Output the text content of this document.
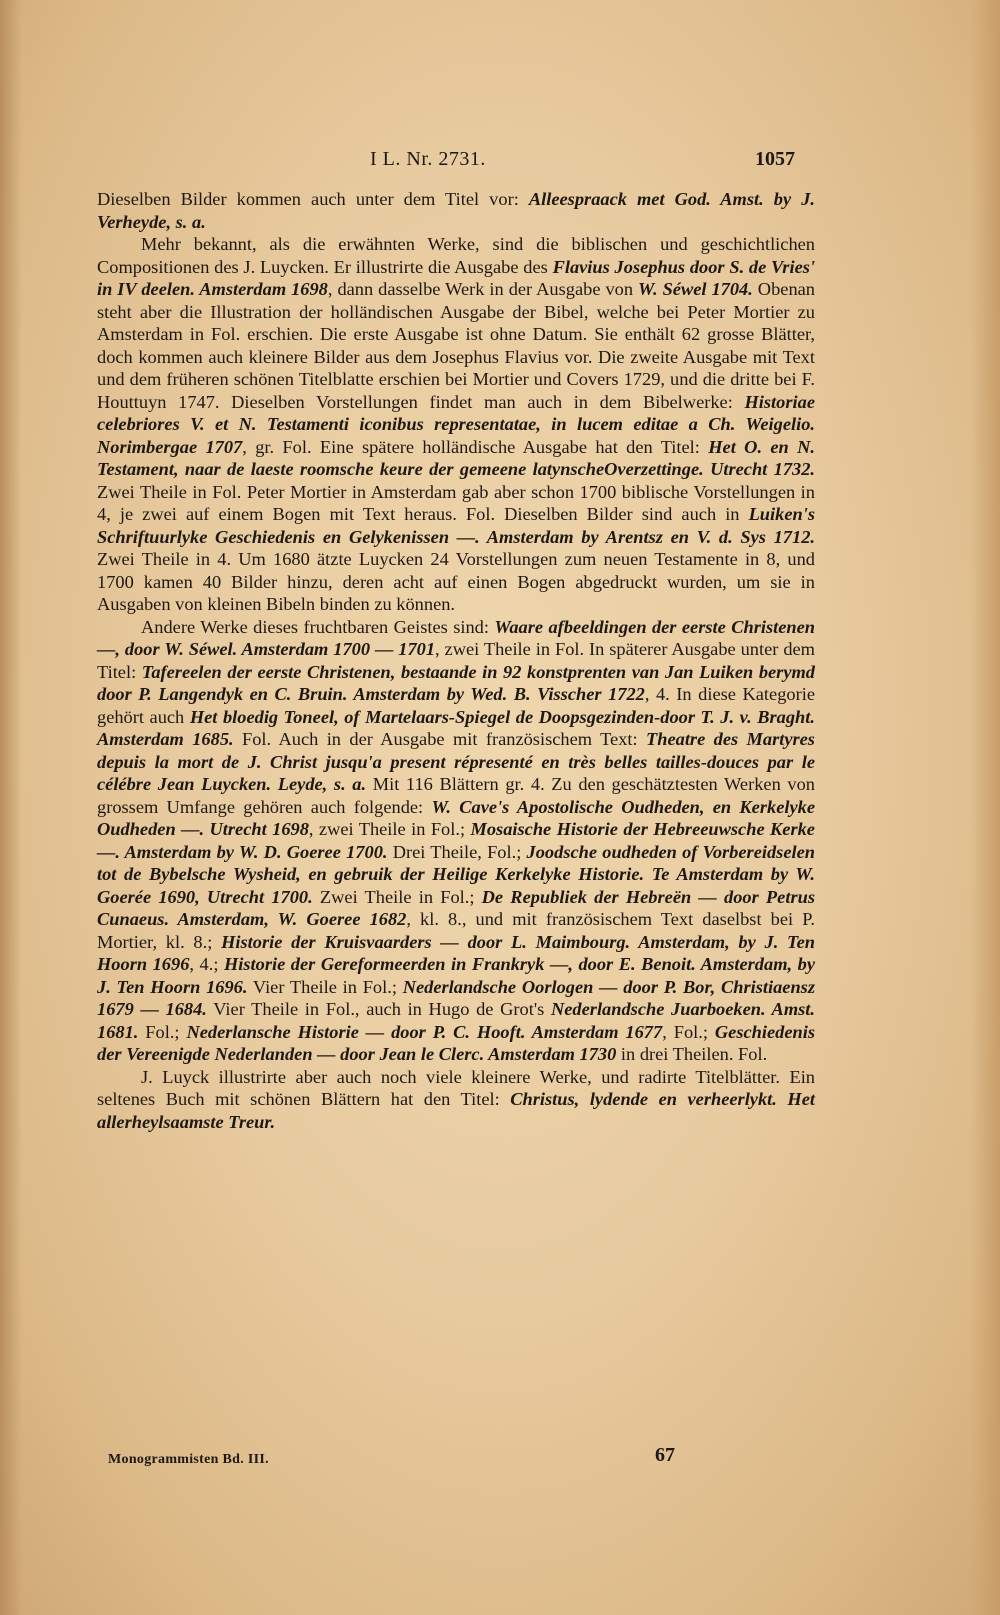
I L. Nr. 2731.	1057

Dieselben Bilder kommen auch unter dem Titel vor: Alleespraack met God. Amst. by J. Verheyde, s. a.

Mehr bekannt, als die erwähnten Werke, sind die biblischen und geschichtlichen Compositionen des J. Luycken. Er illustrirte die Ausgabe des Flavius Josephus door S. de Vries' in IV deelen. Amsterdam 1698, dann dasselbe Werk in der Ausgabe von W. Séwel 1704. Obenan steht aber die Illustration der holländischen Ausgabe der Bibel, welche bei Peter Mortier zu Amsterdam in Fol. erschien. Die erste Ausgabe ist ohne Datum. Sie enthält 62 grosse Blätter, doch kommen auch kleinere Bilder aus dem Josephus Flavius vor. Die zweite Ausgabe mit Text und dem früheren schönen Titelblatte erschien bei Mortier und Covers 1729, und die dritte bei F. Houttuyn 1747. Dieselben Vorstellungen findet man auch in dem Bibelwerke: Historiae celebriores V. et N. Testamenti iconibus representatae, in lucem editae a Ch. Weigelio. Norimbergae 1707, gr. Fol. Eine spätere holländische Ausgabe hat den Titel: Het O. en N. Testament, naar de laeste roomsche keure der gemeene latynscheOverzettinge. Utrecht 1732. Zwei Theile in Fol. Peter Mortier in Amsterdam gab aber schon 1700 biblische Vorstellungen in 4, je zwei auf einem Bogen mit Text heraus. Fol. Dieselben Bilder sind auch in Luiken's Schriftuurlyke Geschiedenis en Gelykenissen —. Amsterdam by Arentsz en V. d. Sys 1712. Zwei Theile in 4. Um 1680 ätzte Luycken 24 Vorstellungen zum neuen Testamente in 8, und 1700 kamen 40 Bilder hinzu, deren acht auf einen Bogen abgedruckt wurden, um sie in Ausgaben von kleinen Bibeln binden zu können.

Andere Werke dieses fruchtbaren Geistes sind: Waare afbeeldingen der eerste Christenen —, door W. Séwel. Amsterdam 1700 — 1701, zwei Theile in Fol. In späterer Ausgabe unter dem Titel: Tafereelen der eerste Christenen, bestaande in 92 konstprenten van Jan Luiken berymd door P. Langendyk en C. Bruin. Amsterdam by Wed. B. Visscher 1722, 4. In diese Kategorie gehört auch Het bloedig Toneel, of Martelaars-Spiegel de Doopsgezinden-door T. J. v. Braght. Amsterdam 1685. Fol. Auch in der Ausgabe mit französischem Text: Theatre des Martyres depuis la mort de J. Christ jusqu'a present répresenté en très belles tailles-douces par le célébre Jean Luycken. Leyde, s. a. Mit 116 Blättern gr. 4. Zu den geschätztesten Werken von grossem Umfange gehören auch folgende: W. Cave's Apostolische Oudheden, en Kerkelyke Oudheden —. Utrecht 1698, zwei Theile in Fol.; Mosaische Historie der Hebreeuwsche Kerke —. Amsterdam by W. D. Goeree 1700. Drei Theile, Fol.; Joodsche oudheden of Vorbereidselen tot de Bybelsche Wysheid, en gebruik der Heilige Kerkelyke Historie. Te Amsterdam by W. Goerée 1690, Utrecht 1700. Zwei Theile in Fol.; De Republiek der Hebreën — door Petrus Cunaeus. Amsterdam, W. Goeree 1682, kl. 8., und mit französischem Text daselbst bei P. Mortier, kl. 8.; Historie der Kruisvaarders — door L. Maimbourg. Amsterdam, by J. Ten Hoorn 1696, 4.; Historie der Gereformeerden in Frankryk —, door E. Benoit. Amsterdam, by J. Ten Hoorn 1696. Vier Theile in Fol.; Nederlandsche Oorlogen — door P. Bor, Christiaensz 1679 — 1684. Vier Theile in Fol., auch in Hugo de Grot's Nederlandsche Juarboeken. Amst. 1681. Fol.; Nederlansche Historie — door P. C. Hooft. Amsterdam 1677, Fol.; Geschiedenis der Vereenigde Nederlanden — door Jean le Clerc. Amsterdam 1730 in drei Theilen. Fol.

J. Luyck illustrirte aber auch noch viele kleinere Werke, und radirte Titelblätter. Ein seltenes Buch mit schönen Blättern hat den Titel: Christus, lydende en verheerlykt. Het allerheylsaamste Treur.

Monogrammisten Bd. III.	67
